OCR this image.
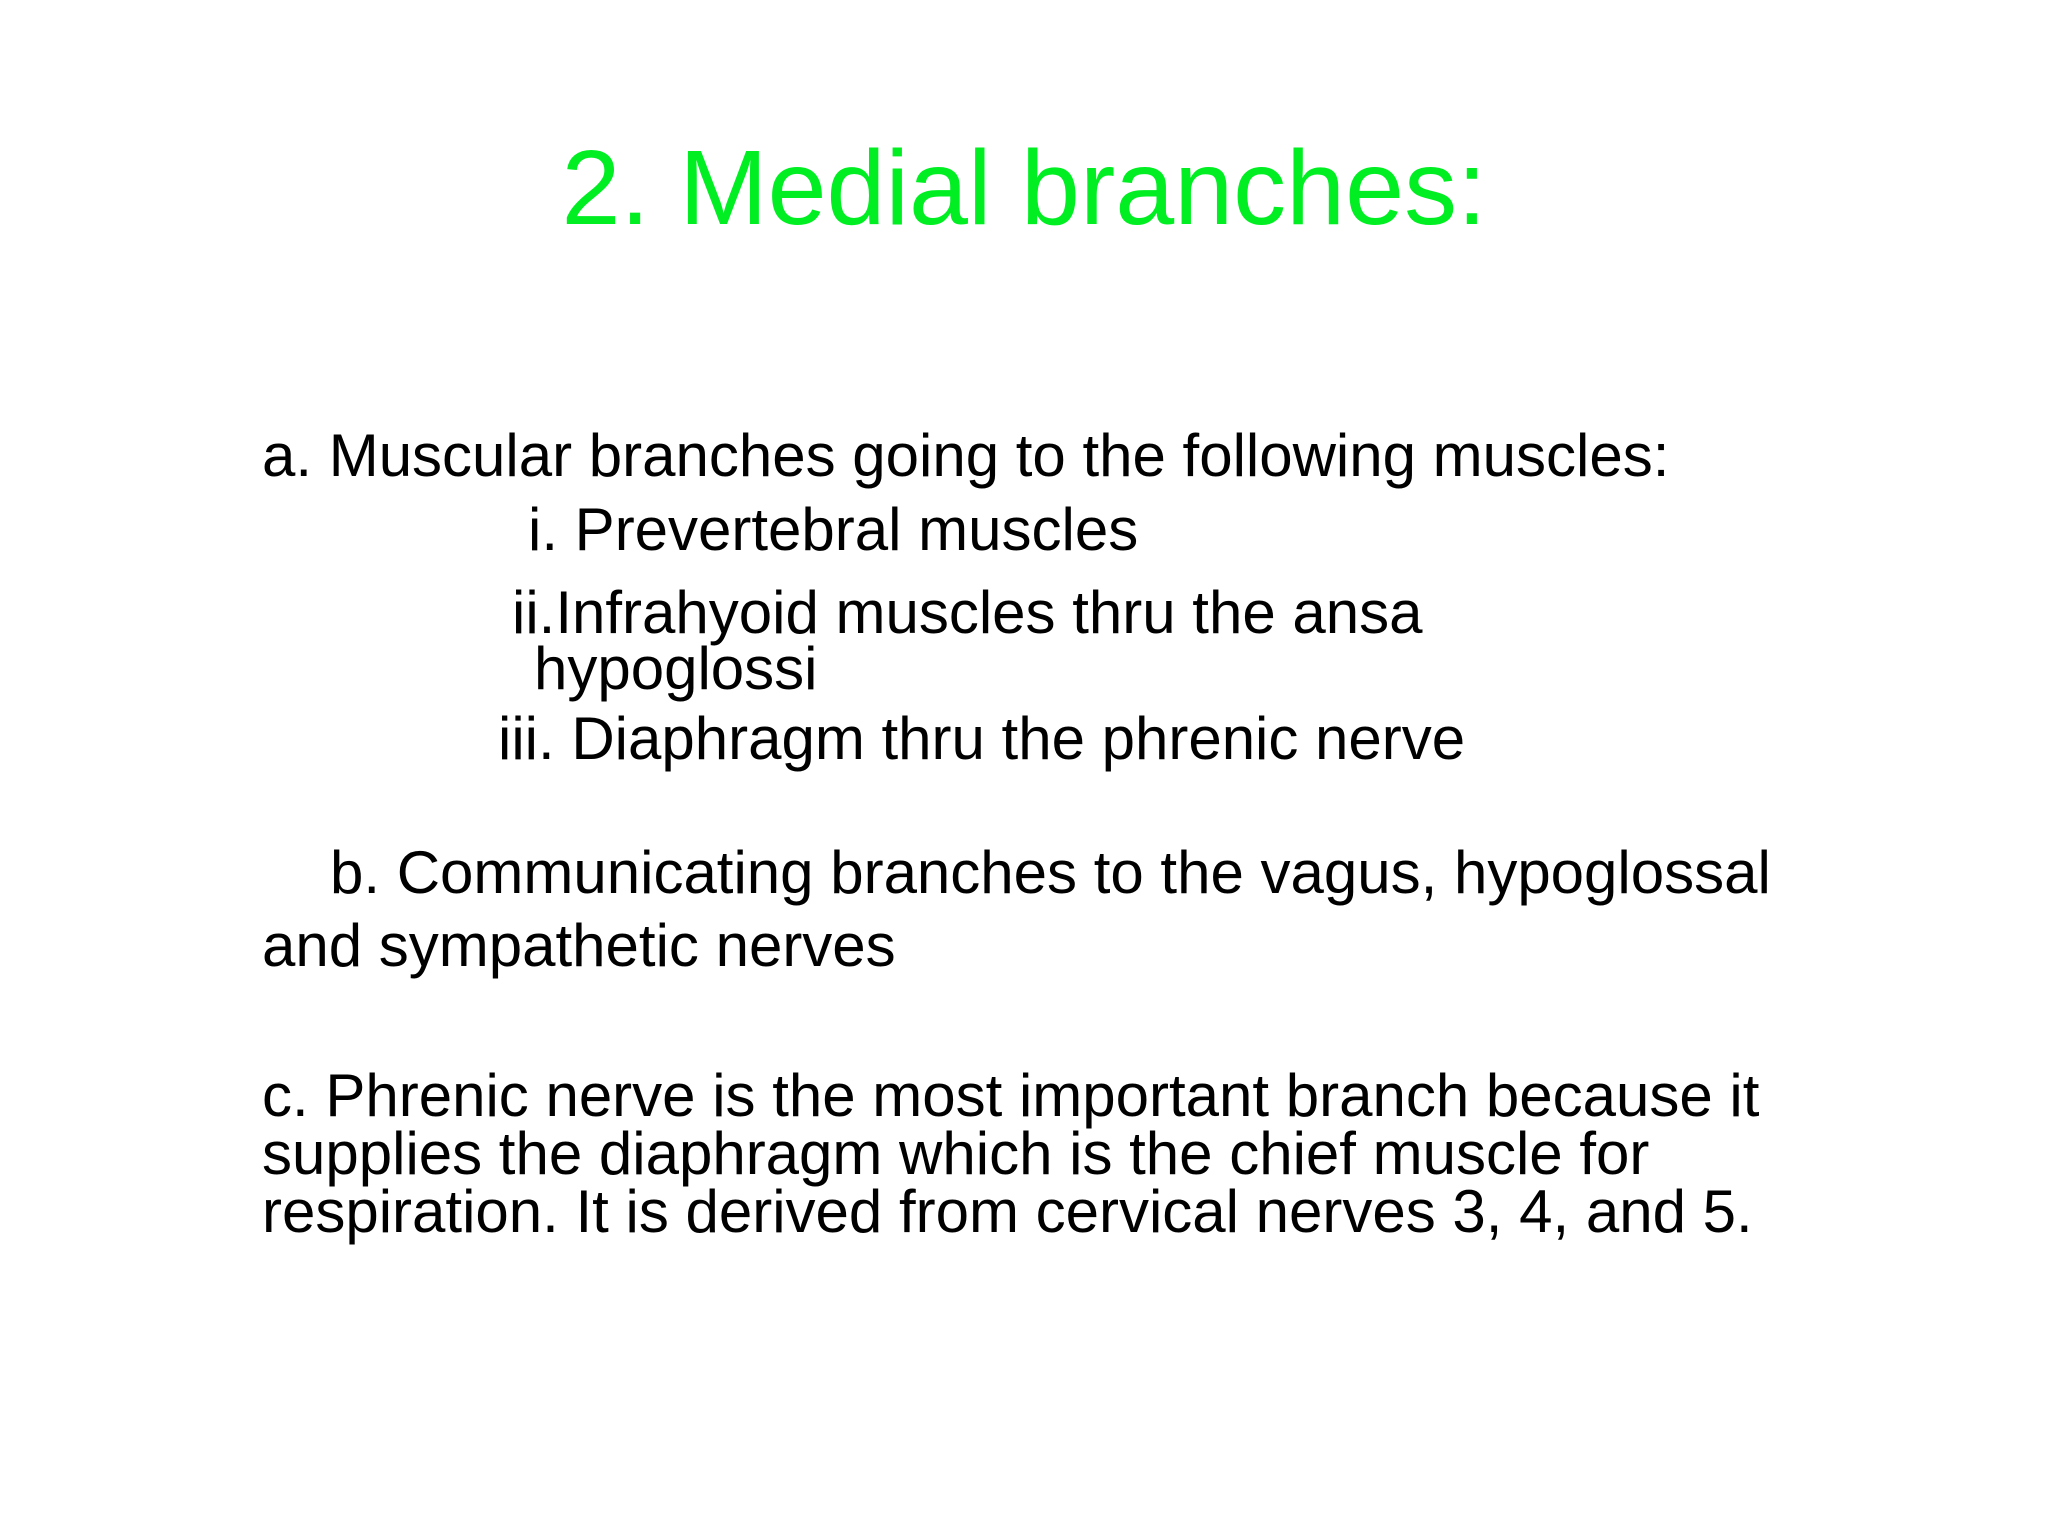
2. Medial branches:
a. Muscular branches going to the following muscles:
i. Prevertebral muscles
ii.Infrahyoid muscles thru the ansa
hypoglossi
iii. Diaphragm thru the phrenic nerve
b. Communicating branches to the vagus, hypoglossal
and sympathetic nerves
c. Phrenic nerve is the most important branch because it
supplies the diaphragm which is the chief muscle for
respiration. It is derived from cervical nerves 3, 4, and 5.
